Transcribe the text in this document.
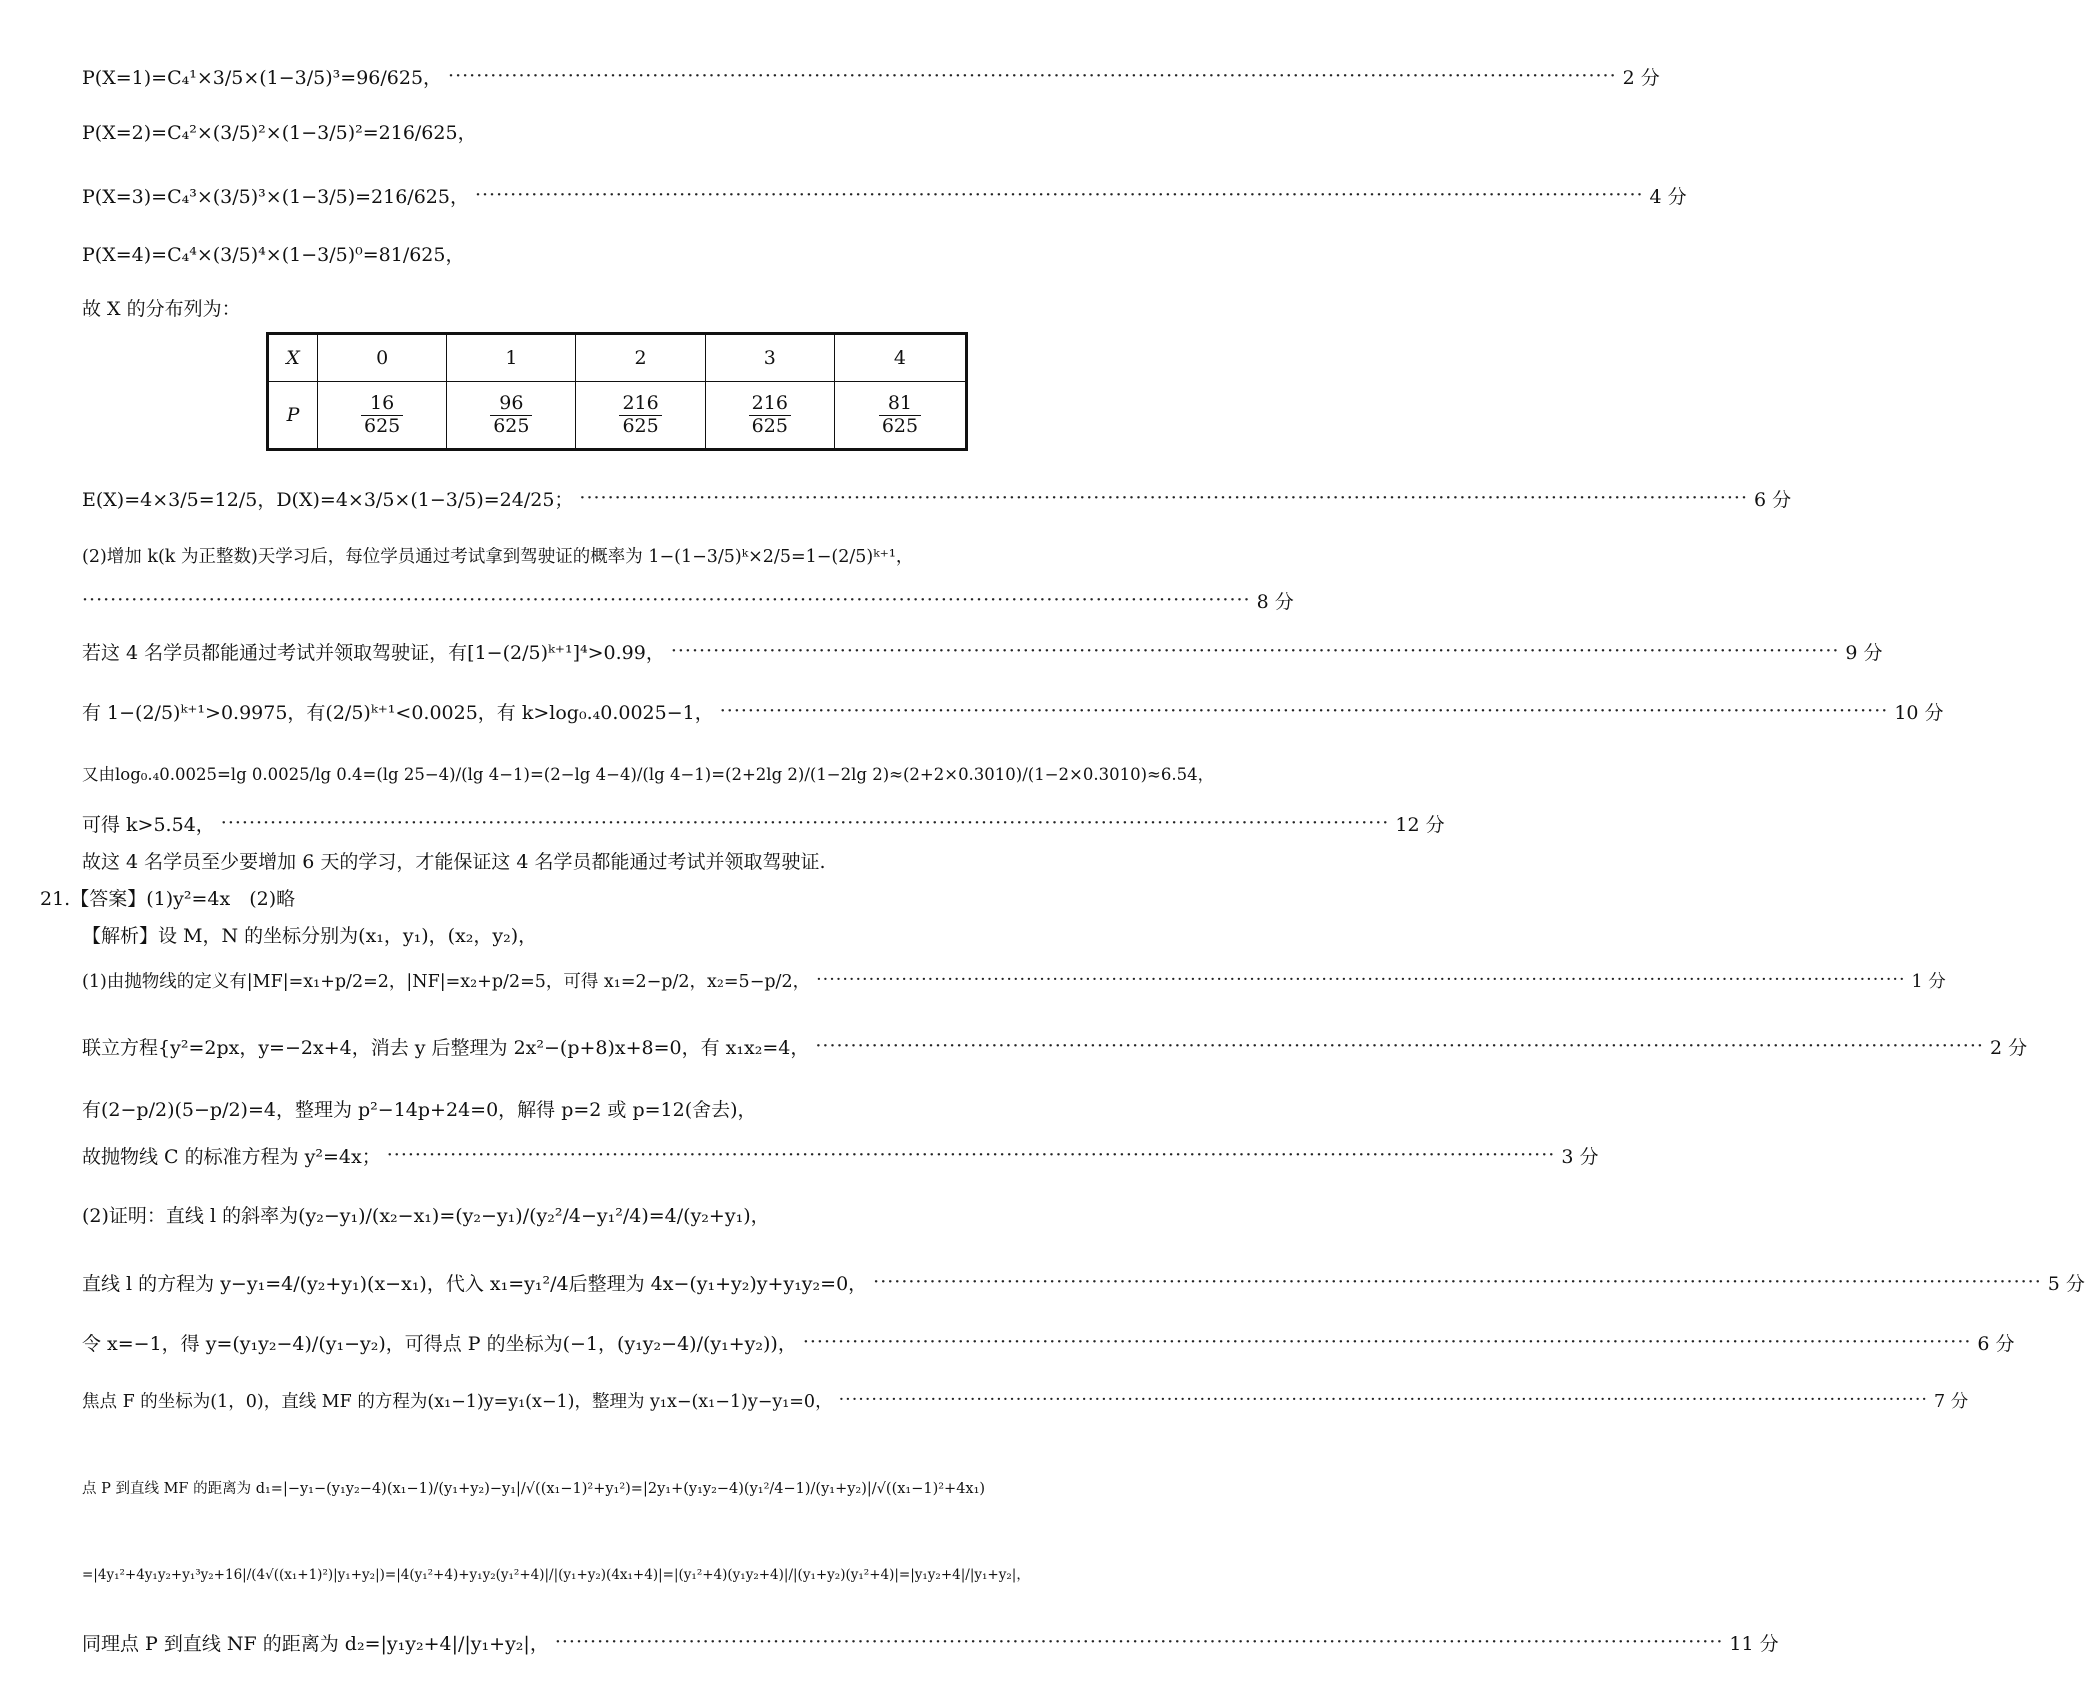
P(X=1)=C₄¹×3/5×(1−3/5)³=96/625， ·····	2 分
P(X=2)=C₄²×(3/5)²×(1−3/5)²=216/625，
P(X=3)=C₄³×(3/5)³×(1−3/5)=216/625， ·····	4 分
P(X=4)=C₄⁴×(3/5)⁴×(1−3/5)⁰=81/625，
故 X 的分布列为：
X	0	1	2	3	4
P	$\frac{16}{625}$	$\frac{96}{625}$	$\frac{216}{625}$	$\frac{216}{625}$	$\frac{81}{625}$
E(X)=4×3/5=12/5，D(X)=4×3/5×(1−3/5)=24/25； ·····	6 分
(2)增加 k(k 为正整数)天学习后，每位学员通过考试拿到驾驶证的概率为 1−(1−3/5)ᵏ×2/5=1−(2/5)ᵏ⁺¹，
·····
8 分
若这 4 名学员都能通过考试并领取驾驶证，有[1−(2/5)ᵏ⁺¹]⁴>0.99， ·····	9 分
有 1−(2/5)ᵏ⁺¹>0.9975，有(2/5)ᵏ⁺¹<0.0025，有 k>log₀.₄0.0025−1， ·····	10 分
又由log₀.₄0.0025=lg 0.0025/lg 0.4=(lg 25−4)/(lg 4−1)=(2−lg 4−4)/(lg 4−1)=(2+2lg 2)/(1−2lg 2)≈(2+2×0.3010)/(1−2×0.3010)≈6.54，
可得 k>5.54， ·····	12 分
故这 4 名学员至少要增加 6 天的学习，才能保证这 4 名学员都能通过考试并领取驾驶证.
21.【答案】(1)y²=4x　(2)略
【解析】设 M，N 的坐标分别为(x₁，y₁)，(x₂，y₂)，
(1)由抛物线的定义有|MF|=x₁+p/2=2，|NF|=x₂+p/2=5，可得 x₁=2−p/2，x₂=5−p/2， ·····	1 分
联立方程{y²=2px，y=−2x+4，消去 y 后整理为 2x²−(p+8)x+8=0，有 x₁x₂=4， ·····	2 分
有(2−p/2)(5−p/2)=4，整理为 p²−14p+24=0，解得 p=2 或 p=12(舍去)，
故抛物线 C 的标准方程为 y²=4x； ·····	3 分
(2)证明：直线 l 的斜率为(y₂−y₁)/(x₂−x₁)=(y₂−y₁)/(y₂²/4−y₁²/4)=4/(y₂+y₁)，
直线 l 的方程为 y−y₁=4/(y₂+y₁)(x−x₁)，代入 x₁=y₁²/4后整理为 4x−(y₁+y₂)y+y₁y₂=0， ·····	5 分
令 x=−1，得 y=(y₁y₂−4)/(y₁−y₂)，可得点 P 的坐标为(−1，(y₁y₂−4)/(y₁+y₂))， ·····	6 分
焦点 F 的坐标为(1，0)，直线 MF 的方程为(x₁−1)y=y₁(x−1)，整理为 y₁x−(x₁−1)y−y₁=0， ·····	7 分
点 P 到直线 MF 的距离为 d₁=|−y₁−(y₁y₂−4)(x₁−1)/(y₁+y₂)−y₁|/√((x₁−1)²+y₁²)=|2y₁+(y₁y₂−4)(y₁²/4−1)/(y₁+y₂)|/√((x₁−1)²+4x₁)
=|4y₁²+4y₁y₂+y₁³y₂+16|/(4√((x₁+1)²)|y₁+y₂|)=|4(y₁²+4)+y₁y₂(y₁²+4)|/|(y₁+y₂)(4x₁+4)|=|(y₁²+4)(y₁y₂+4)|/|(y₁+y₂)(y₁²+4)|=|y₁y₂+4|/|y₁+y₂|，
同理点 P 到直线 NF 的距离为 d₂=|y₁y₂+4|/|y₁+y₂|， ·····	11 分
